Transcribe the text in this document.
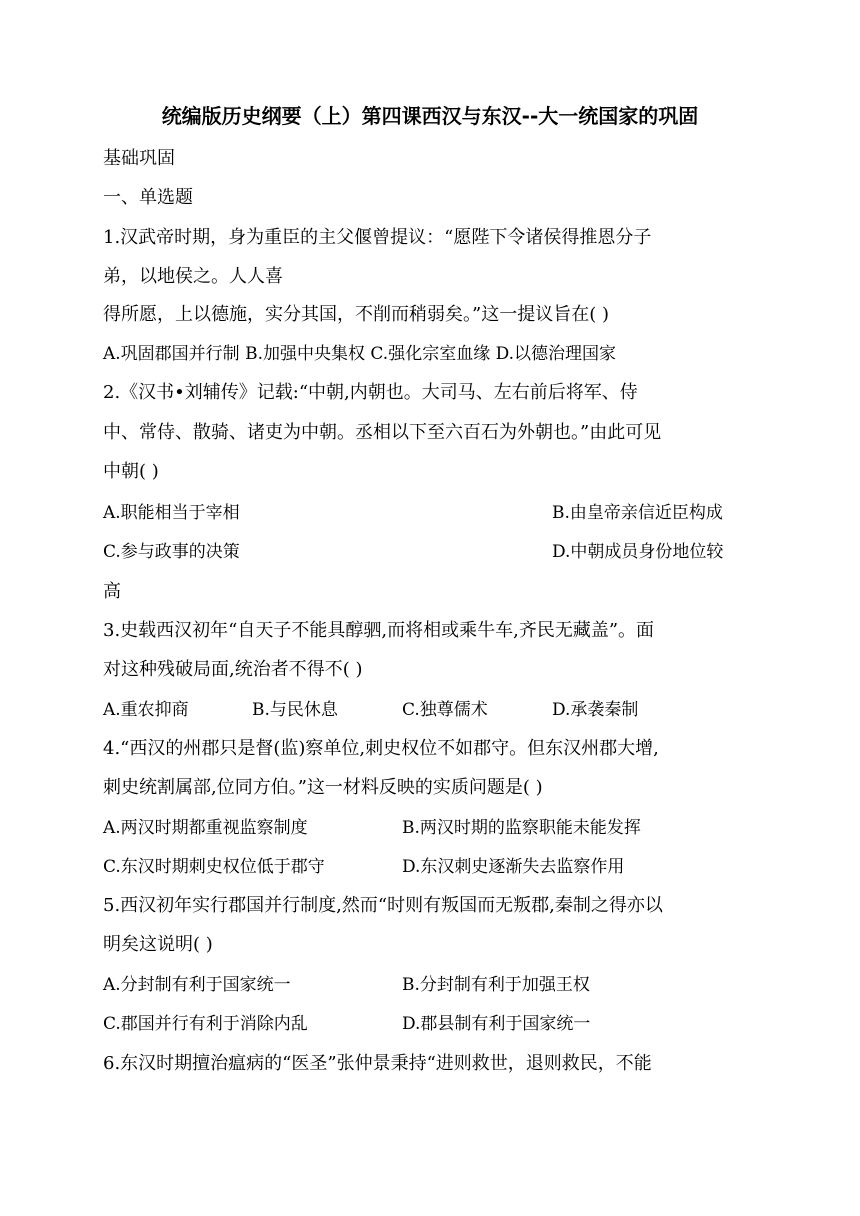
统编版历史纲要（上）第四课西汉与东汉--大一统国家的巩固
基础巩固
一、单选题
1.汉武帝时期，身为重臣的主父偃曾提议：“愿陛下令诸侯得推恩分子
弟，以地侯之。人人喜
得所愿，上以德施，实分其国，不削而稍弱矣。”这一提议旨在( )
A.巩固郡国并行制 B.加强中央集权 C.强化宗室血缘 D.以德治理国家
2.《汉书•刘辅传》记载:“中朝,内朝也。大司马、左右前后将军、侍
中、常侍、散骑、诸吏为中朝。丞相以下至六百石为外朝也。”由此可见
中朝( )
A.职能相当于宰相	B.由皇帝亲信近臣构成
C.参与政事的决策	D.中朝成员身份地位较
高
3.史载西汉初年“自天子不能具醇驷,而将相或乘牛车,齐民无藏盖”。面
对这种残破局面,统治者不得不( )
A.重农抑商	B.与民休息	C.独尊儒术	D.承袭秦制
4.“西汉的州郡只是督(监)察单位,刺史权位不如郡守。但东汉州郡大增,
刺史统割属部,位同方伯。”这一材料反映的实质问题是( )
A.两汉时期都重视监察制度	B.两汉时期的监察职能未能发挥
C.东汉时期刺史权位低于郡守	D.东汉刺史逐渐失去监察作用
5.西汉初年实行郡国并行制度,然而“时则有叛国而无叛郡,秦制之得亦以
明矣这说明( )
A.分封制有利于国家统一	B.分封制有利于加强王权
C.郡国并行有利于消除内乱	D.郡县制有利于国家统一
6.东汉时期擅治瘟病的“医圣”张仲景秉持“进则救世，退则救民，不能
